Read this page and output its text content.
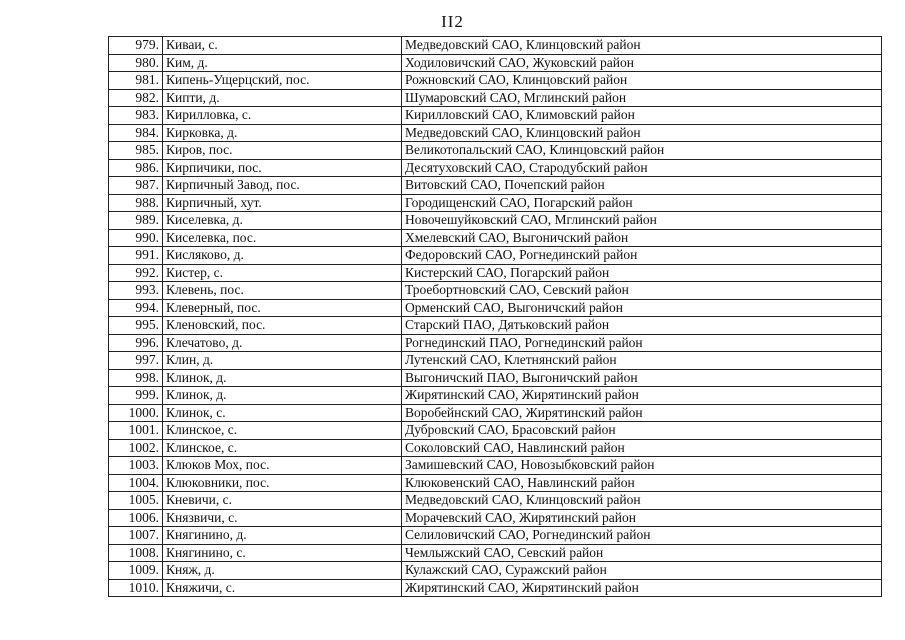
II2
979.	Киваи, с.	Медведовский САО, Клинцовский район
980.	Ким, д.	Ходиловичский САО, Жуковский район
981.	Кипень-Ущерцский, пос.	Рожновский САО, Клинцовский район
982.	Кипти, д.	Шумаровский САО, Мглинский район
983.	Кирилловка, с.	Кирилловский САО, Климовский район
984.	Кирковка, д.	Медведовский САО, Клинцовский район
985.	Киров, пос.	Великотопальский САО, Клинцовский район
986.	Кирпичики, пос.	Десятуховский САО, Стародубский район
987.	Кирпичный Завод, пос.	Витовский САО, Почепский район
988.	Кирпичный, хут.	Городищенский САО, Погарский район
989.	Киселевка, д.	Новочешуйковский САО, Мглинский район
990.	Киселевка, пос.	Хмелевский САО, Выгоничский район
991.	Кисляково, д.	Федоровский САО, Рогнединский район
992.	Кистер, с.	Кистерский САО, Погарский район
993.	Клевень, пос.	Троебортновский САО, Севский район
994.	Клеверный, пос.	Орменский САО, Выгоничский район
995.	Кленовский, пос.	Старский ПАО, Дятьковский район
996.	Клечатово, д.	Рогнединский ПАО, Рогнединский район
997.	Клин, д.	Лутенский САО, Клетнянский район
998.	Клинок, д.	Выгоничский ПАО, Выгоничский район
999.	Клинок, д.	Жирятинский САО, Жирятинский район
1000.	Клинок, с.	Воробейнский САО, Жирятинский район
1001.	Клинское, с.	Дубровский САО, Брасовский район
1002.	Клинское, с.	Соколовский САО, Навлинский район
1003.	Клюков Мох, пос.	Замишевский САО, Новозыбковский район
1004.	Клюковники, пос.	Клюковенский САО, Навлинский район
1005.	Кневичи, с.	Медведовский САО, Клинцовский район
1006.	Князвичи, с.	Морачевский САО, Жирятинский район
1007.	Княгинино, д.	Селиловичский САО, Рогнединский район
1008.	Княгинино, с.	Чемлыжский САО, Севский район
1009.	Княж, д.	Кулажский САО, Суражский район
1010.	Княжичи, с.	Жирятинский САО, Жирятинский район
